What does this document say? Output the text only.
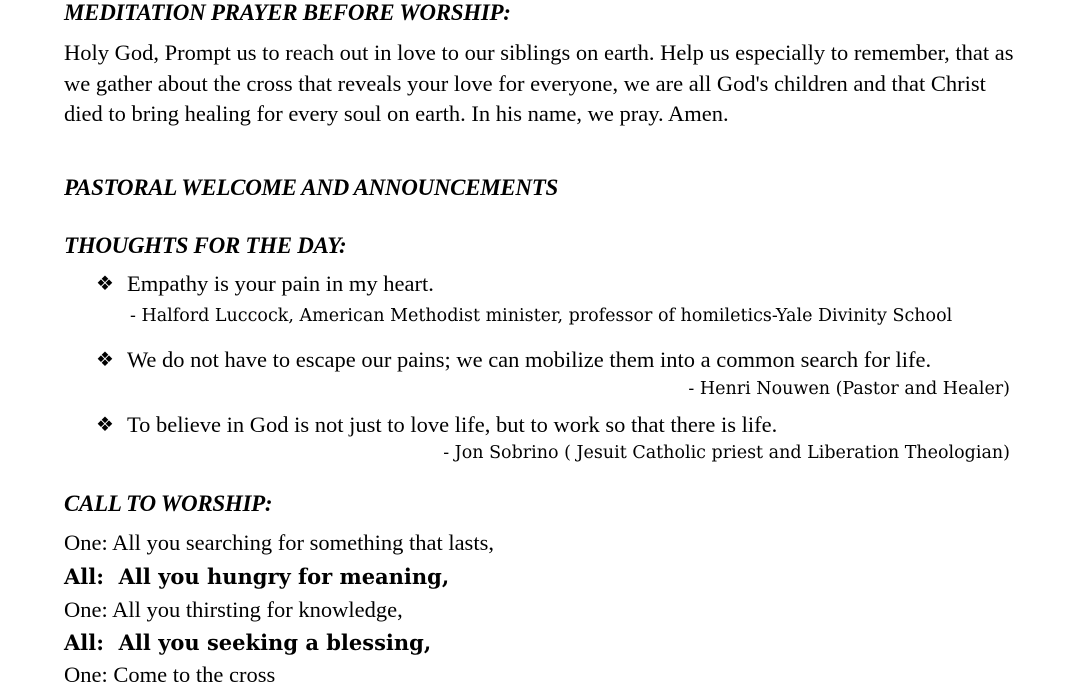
MEDITATION PRAYER BEFORE WORSHIP:

Holy God, Prompt us to reach out in love to our siblings on earth. Help us especially to remember, that as we gather about the cross that reveals your love for everyone, we are all God's children and that Christ died to bring healing for every soul on earth. In his name, we pray. Amen.

PASTORAL WELCOME AND ANNOUNCEMENTS
THOUGHTS FOR THE DAY:
❖ Empathy is your pain in my heart.
- Halford Luccock, American Methodist minister, professor of homiletics-Yale Divinity School
❖ We do not have to escape our pains; we can mobilize them into a common search for life.
- Henri Nouwen (Pastor and Healer)
❖ To believe in God is not just to love life, but to work so that there is life.
- Jon Sobrino ( Jesuit Catholic priest and Liberation Theologian)
CALL TO WORSHIP:
One: All you searching for something that lasts,
All: All you hungry for meaning,
One: All you thirsting for knowledge,
All: All you seeking a blessing,
One: Come to the cross
